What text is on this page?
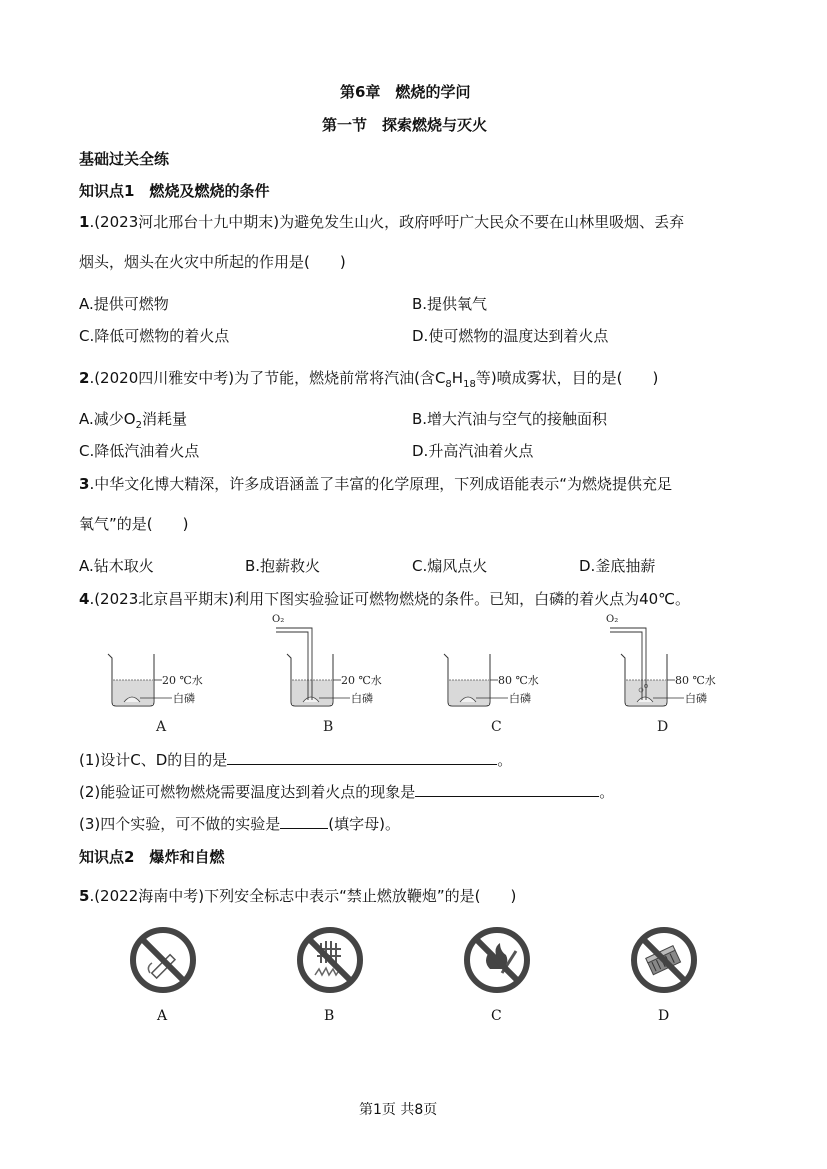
第6章　燃烧的学问
第一节　探索燃烧与灭火
基础过关全练
知识点1　燃烧及燃烧的条件
1.(2023河北邢台十九中期末)为避免发生山火，政府呼吁广大民众不要在山林里吸烟、丢弃
烟头，烟头在火灾中所起的作用是(　　)
A.提供可燃物	B.提供氧气
C.降低可燃物的着火点	D.使可燃物的温度达到着火点
2.(2020四川雅安中考)为了节能，燃烧前常将汽油(含$C_8H_{18}$等)喷成雾状，目的是(　　)
A.减少$O_2$消耗量	B.增大汽油与空气的接触面积
C.降低汽油着火点	D.升高汽油着火点
3.中华文化博大精深，许多成语涵盖了丰富的化学原理，下列成语能表示“为燃烧提供充足
氧气”的是(　　)
A.钻木取火	B.抱薪救火	C.煽风点火	D.釜底抽薪
4.(2023北京昌平期末)利用下图实验验证可燃物燃烧的条件。已知，白磷的着火点为40℃。
20 ℃水
白磷
A
O₂
20 ℃水
白磷
B
80 ℃水
白磷
C
O₂
80 ℃水
白磷
D
(1)设计C、D的目的是	。
(2)能验证可燃物燃烧需要温度达到着火点的现象是	。
(3)四个实验，可不做的实验是	(填字母)。
知识点2　爆炸和自燃
5.(2022海南中考)下列安全标志中表示“禁止燃放鞭炮”的是(　　)
A	B	C	D
第1页 共8页
